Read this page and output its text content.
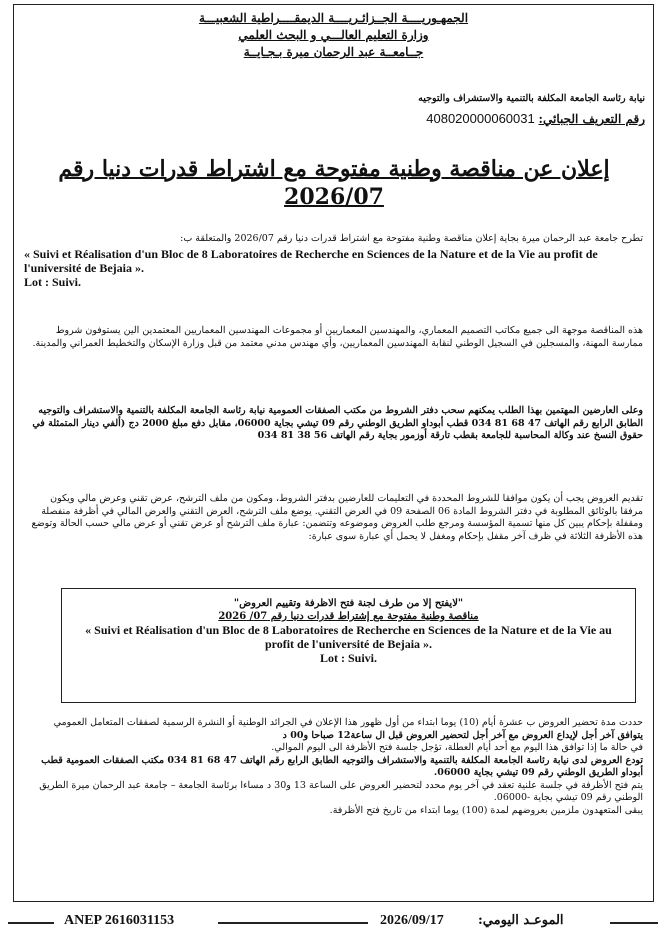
الجمهـوريــــة الجــزائـريــــة الديمقــــراطية الشعبيـــة
وزارة التعليم العالـــي و البحث العلمي
جــامعــة عبد الرحمان ميرة بـجـايــة
نيابة رئاسة الجامعة المكلفة بالتنمية والاستشراف والتوجيه
رقم التعريف الجبائي: 408020000060031
إعلان عن مناقصة وطنية مفتوحة مع اشتراط قدرات دنيا رقم 2026/07
تطرح جامعة عبد الرحمان ميرة بجاية إعلان مناقصة وطنية مفتوحة مع اشتراط قدرات دنيا رقم 2026/07 والمتعلقة ب:
« Suivi et Réalisation d'un Bloc de 8 Laboratoires de Recherche en Sciences de la Nature et de la Vie au profit de l'université de Bejaia ».
Lot : Suivi.
هذه المناقصة موجهة الى جميع مكاتب التصميم المعماري، والمهندسين المعماريين أو مجموعات المهندسين المعماريين المعتمدين الين يستوفون شروط ممارسة المهنة، والمسجلين في السجيل الوطني لنقابة المهندسين المعماريين، وأي مهندس مدني معتمد من قبل وزارة الإسكان والتخطيط العمراني والمدينة.
وعلى العارضين المهتمين بهذا الطلب يمكنهم سحب دفتر الشروط من مكتب الصفقات العمومية نيابة رئاسة الجامعة المكلفة بالتنمية والاستشراف والتوجيه الطابق الرابع رقم الهاتف 47 68 81 034 قطب أبوداو الطريق الوطني رقم 09 تيشي بجاية 06000، مقابل دفع مبلغ 2000 دج (ألفي دينار المتمثلة في حقوق النسخ عند وكالة المحاسبة للجامعة بقطب تارقة أوزمور بجاية رقم الهاتف 56 38 81 034
تقديم العروض يجب أن يكون موافقا للشروط المحددة في التعليمات للعارضين بدفتر الشروط، ومكون من ملف الترشح، عرض تقني وعرض مالي ويكون مرفقا بالوثائق المطلوبة في دفتر الشروط المادة 06 الصفحة 09 في العرض التقني. يوضع ملف الترشح، العرض التقني والعرض المالي في أظرفة منفصلة ومقفلة بإحكام يبين كل منها تسمية المؤسسة ومرجع طلب العروض وموضوعه وتتضمن: عبارة ملف الترشح أو عرض تقني أو عرض مالي حسب الحالة وتوضع هذه الأظرفة الثلاثة في ظرف آخر مقفل بإحكام ومغفل لا يحمل أي عبارة سوى عبارة:
"لايفتح إلا من طرف لجنة فتح الاظرفة وتقييم العروض"
مناقصة وطنية مفتوحة مع إشتراط قدرات دنيا رقم 07/ 2026
« Suivi et Réalisation d'un Bloc de 8 Laboratoires de Recherche en Sciences de la Nature et de la Vie au profit de l'université de Bejaia ».
Lot : Suivi.
حددت مدة تحضير العروض ب عشرة أيام (10) يوما ابتداء من أول ظهور هذا الإعلان في الجرائد الوطنية أو النشرة الرسمية لصفقات المتعامل العمومي
يتوافق آخر أجل لإيداع العروض مع آخر أجل لتحضير العروض قبل ال ساعة12 صباحا و00 د
في حالة ما إذا توافق هذا اليوم مع أحد أيام العطلة، تؤجل جلسة فتح الأظرفة الى اليوم الموالي.
تودع العروض لدى نيابة رئاسة الجامعة المكلفة بالتنمية والاستشراف والتوجيه الطابق الرابع رقم الهاتف 47 68 81 034 مكتب الصفقات العمومية قطب أبوداو الطريق الوطني رقم 09 تيشي بجاية 06000.
يتم فتح الأظرفة في جلسة علنية تعقد في آخر يوم محدد لتحضير العروض على الساعة 13 و30 د مساءا برئاسة الجامعة – جامعة عبد الرحمان ميرة الطريق الوطني رقم 09 تيشي بجاية -06000.
يبقى المتعهدون ملزمين بعروضهم لمدة (100) يوما ابتداء من تاريخ فتح الأظرفة.
ANEP 2616031153	2026/09/17	الموعـد اليومي:
